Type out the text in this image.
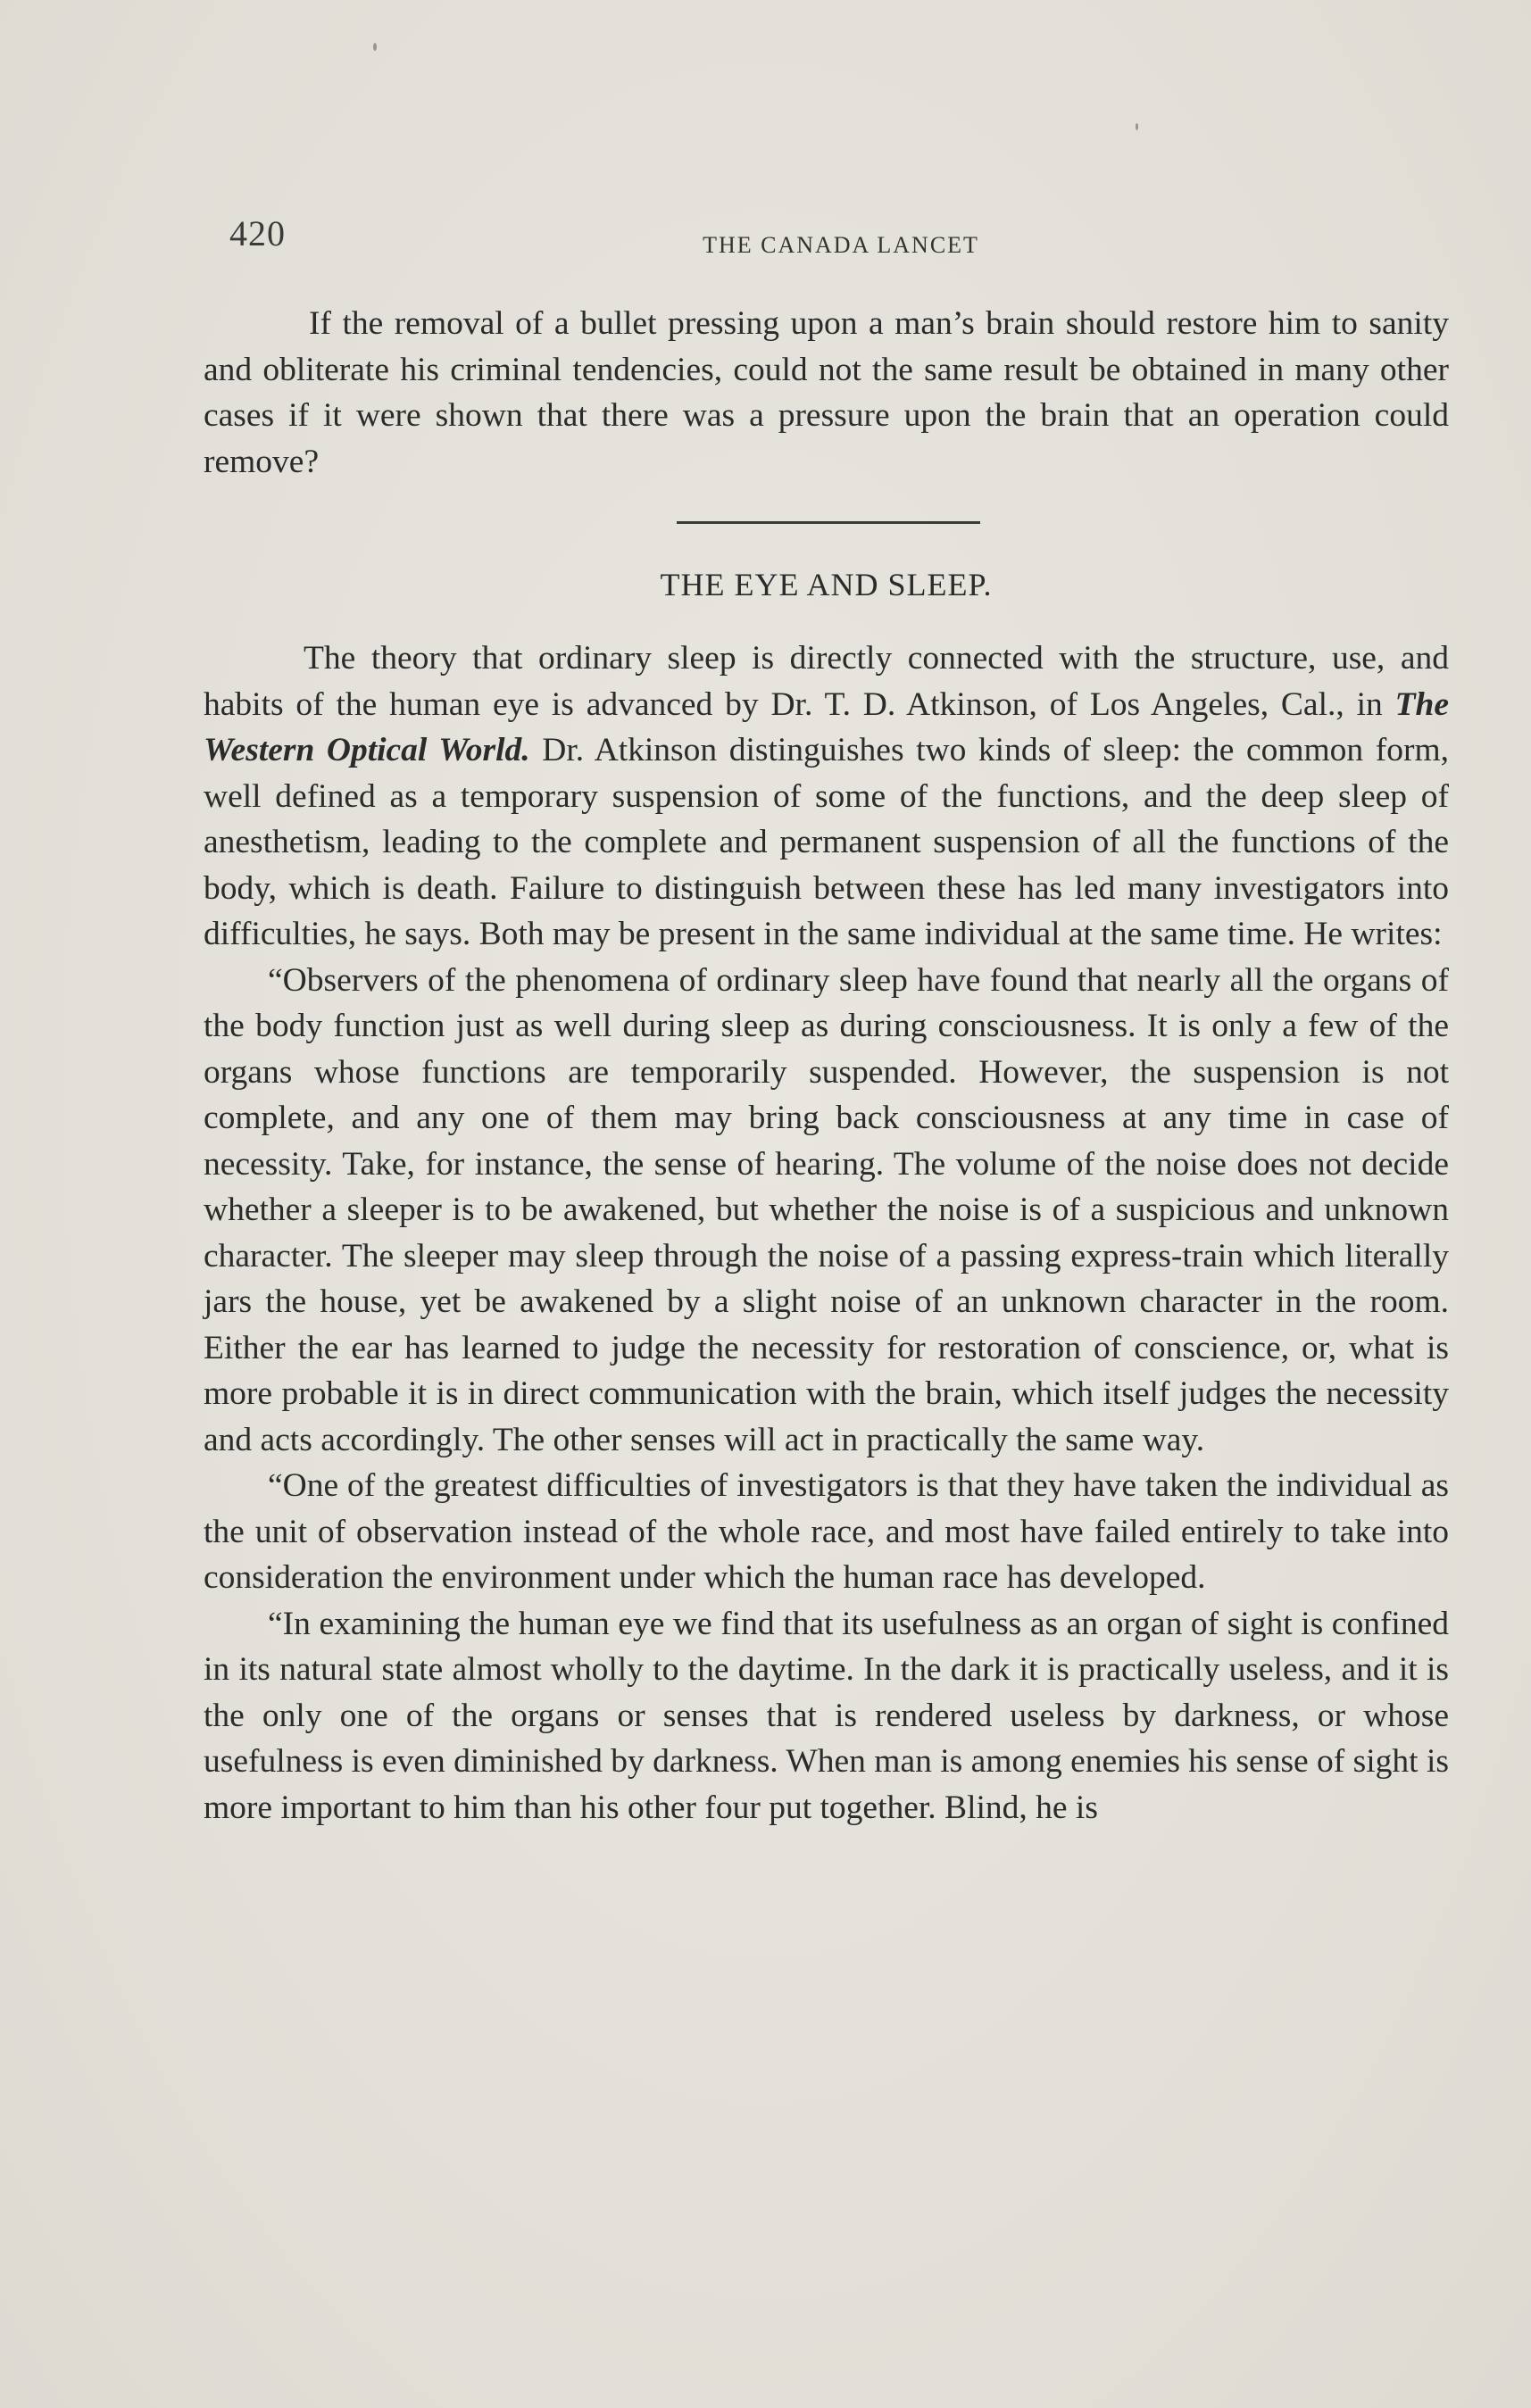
420	THE CANADA LANCET

If the removal of a bullet pressing upon a man’s brain should restore him to sanity and obliterate his criminal tendencies, could not the same result be obtained in many other cases if it were shown that there was a pressure upon the brain that an operation could remove?

THE EYE AND SLEEP.

The theory that ordinary sleep is directly connected with the structure, use, and habits of the human eye is advanced by Dr. T. D. Atkinson, of Los Angeles, Cal., in The Western Optical World. Dr. Atkinson distinguishes two kinds of sleep: the common form, well defined as a temporary suspension of some of the functions, and the deep sleep of anesthetism, leading to the complete and permanent suspension of all the functions of the body, which is death. Failure to distinguish between these has led many investigators into difficulties, he says. Both may be present in the same individual at the same time. He writes:

“Observers of the phenomena of ordinary sleep have found that nearly all the organs of the body function just as well during sleep as during consciousness. It is only a few of the organs whose functions are temporarily suspended. However, the suspension is not complete, and any one of them may bring back consciousness at any time in case of necessity. Take, for instance, the sense of hearing. The volume of the noise does not decide whether a sleeper is to be awakened, but whether the noise is of a suspicious and unknown character. The sleeper may sleep through the noise of a passing express-train which literally jars the house, yet be awakened by a slight noise of an unknown character in the room. Either the ear has learned to judge the necessity for restoration of conscience, or, what is more probable it is in direct communication with the brain, which itself judges the necessity and acts accordingly. The other senses will act in practically the same way.

“One of the greatest difficulties of investigators is that they have taken the individual as the unit of observation instead of the whole race, and most have failed entirely to take into consideration the environment under which the human race has developed.

“In examining the human eye we find that its usefulness as an organ of sight is confined in its natural state almost wholly to the daytime. In the dark it is practically useless, and it is the only one of the organs or senses that is rendered useless by darkness, or whose usefulness is even diminished by darkness. When man is among enemies his sense of sight is more important to him than his other four put together. Blind, he is
